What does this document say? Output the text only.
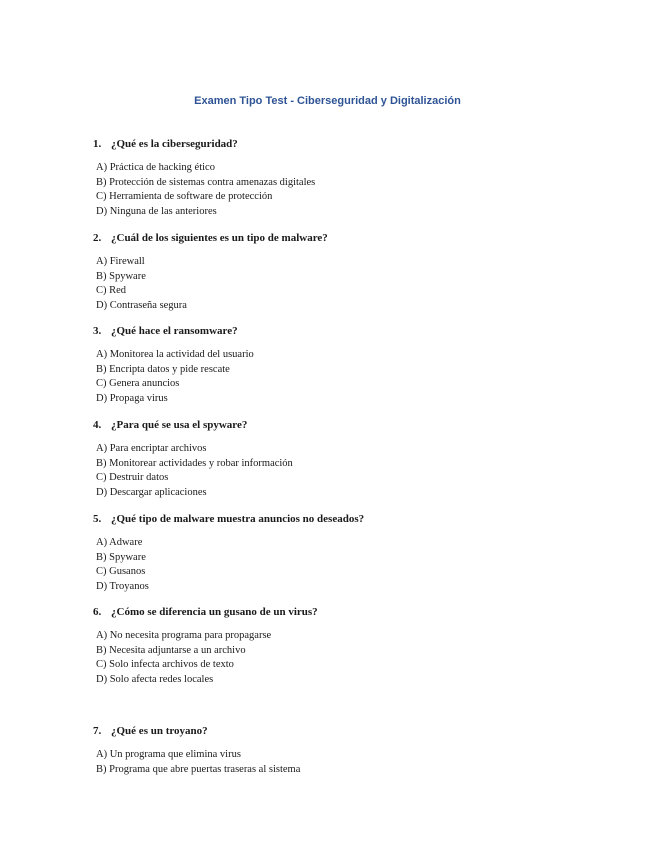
Examen Tipo Test - Ciberseguridad y Digitalización
1. ¿Qué es la ciberseguridad?
A) Práctica de hacking ético
B) Protección de sistemas contra amenazas digitales
C) Herramienta de software de protección
D) Ninguna de las anteriores
2. ¿Cuál de los siguientes es un tipo de malware?
A) Firewall
B) Spyware
C) Red
D) Contraseña segura
3. ¿Qué hace el ransomware?
A) Monitorea la actividad del usuario
B) Encripta datos y pide rescate
C) Genera anuncios
D) Propaga virus
4. ¿Para qué se usa el spyware?
A) Para encriptar archivos
B) Monitorear actividades y robar información
C) Destruir datos
D) Descargar aplicaciones
5. ¿Qué tipo de malware muestra anuncios no deseados?
A) Adware
B) Spyware
C) Gusanos
D) Troyanos
6. ¿Cómo se diferencia un gusano de un virus?
A) No necesita programa para propagarse
B) Necesita adjuntarse a un archivo
C) Solo infecta archivos de texto
D) Solo afecta redes locales
7. ¿Qué es un troyano?
A) Un programa que elimina virus
B) Programa que abre puertas traseras al sistema
